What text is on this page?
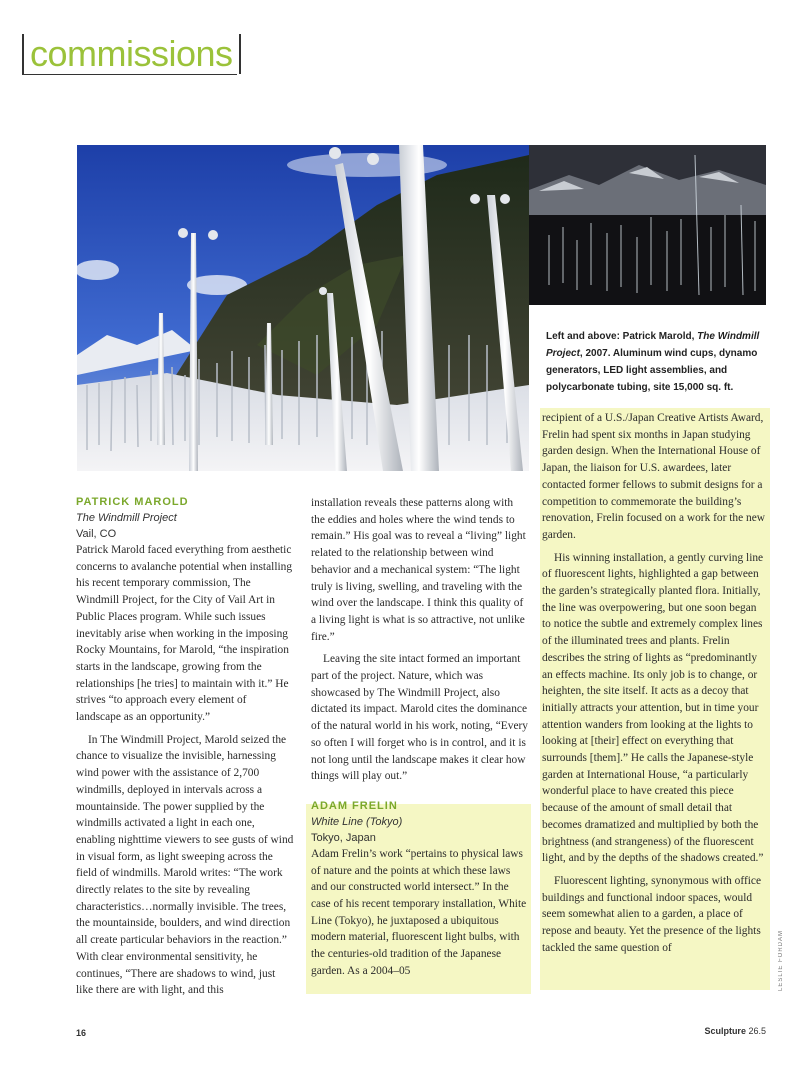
commissions
Left and above: Patrick Marold, The Windmill Project, 2007. Aluminum wind cups, dynamo generators, LED light assemblies, and polycarbonate tubing, site 15,000 sq. ft.
PATRICK MAROLD
The Windmill Project
Vail, CO

Patrick Marold faced everything from aesthetic concerns to avalanche potential when installing his recent temporary commission, The Windmill Project, for the City of Vail Art in Public Places program. While such issues inevitably arise when working in the imposing Rocky Mountains, for Marold, “the inspiration starts in the landscape, growing from the relationships [he tries] to maintain with it.” He strives “to approach every element of landscape as an opportunity.”

In The Windmill Project, Marold seized the chance to visualize the invisible, harnessing wind power with the assistance of 2,700 windmills, deployed in intervals across a mountainside. The power supplied by the windmills activated a light in each one, enabling nighttime viewers to see gusts of wind in visual form, as light sweeping across the field of windmills. Marold writes: “The work directly relates to the site by revealing characteristics…normally invisible. The trees, the mountainside, boulders, and wind direction all create particular behaviors in the reaction.” With clear environmental sensitivity, he continues, “There are shadows to wind, just like there are with light, and this

installation reveals these patterns along with the eddies and holes where the wind tends to remain.” His goal was to reveal a “living” light related to the relationship between wind behavior and a mechanical system: “The light truly is living, swelling, and traveling with the wind over the landscape. I think this quality of a living light is what is so attractive, not unlike fire.”

Leaving the site intact formed an important part of the project. Nature, which was showcased by The Windmill Project, also dictated its impact. Marold cites the dominance of the natural world in his work, noting, “Every so often I will forget who is in control, and it is not long until the landscape makes it clear how things will play out.”

ADAM FRELIN
White Line (Tokyo)
Tokyo, Japan

Adam Frelin’s work “pertains to physical laws of nature and the points at which these laws and our constructed world intersect.” In the case of his recent temporary installation, White Line (Tokyo), he juxtaposed a ubiquitous modern material, fluorescent light bulbs, with the centuries-old tradition of the Japanese garden. As a 2004–05

recipient of a U.S./Japan Creative Artists Award, Frelin had spent six months in Japan studying garden design. When the International House of Japan, the liaison for U.S. awardees, later contacted former fellows to submit designs for a competition to commemorate the building’s renovation, Frelin focused on a work for the new garden.

His winning installation, a gently curving line of fluorescent lights, highlighted a gap between the garden’s strategically planted flora. Initially, the line was overpowering, but one soon began to notice the subtle and extremely complex lines of the illuminated trees and plants. Frelin describes the string of lights as “predominantly an effects machine. Its only job is to change, or heighten, the site itself. It acts as a decoy that initially attracts your attention, but in time your attention wanders from looking at the lights to looking at [their] effect on everything that surrounds [them].” He calls the Japanese-style garden at International House, “a particularly wonderful place to have created this piece because of the amount of small detail that becomes dramatized and multiplied by both the brightness (and strangeness) of the fluorescent light, and by the depths of the shadows created.”

Fluorescent lighting, synonymous with office buildings and functional indoor spaces, would seem somewhat alien to a garden, a place of repose and beauty. Yet the presence of the lights tackled the same question of	LESLIE FORDAM
16	Sculpture 26.5
